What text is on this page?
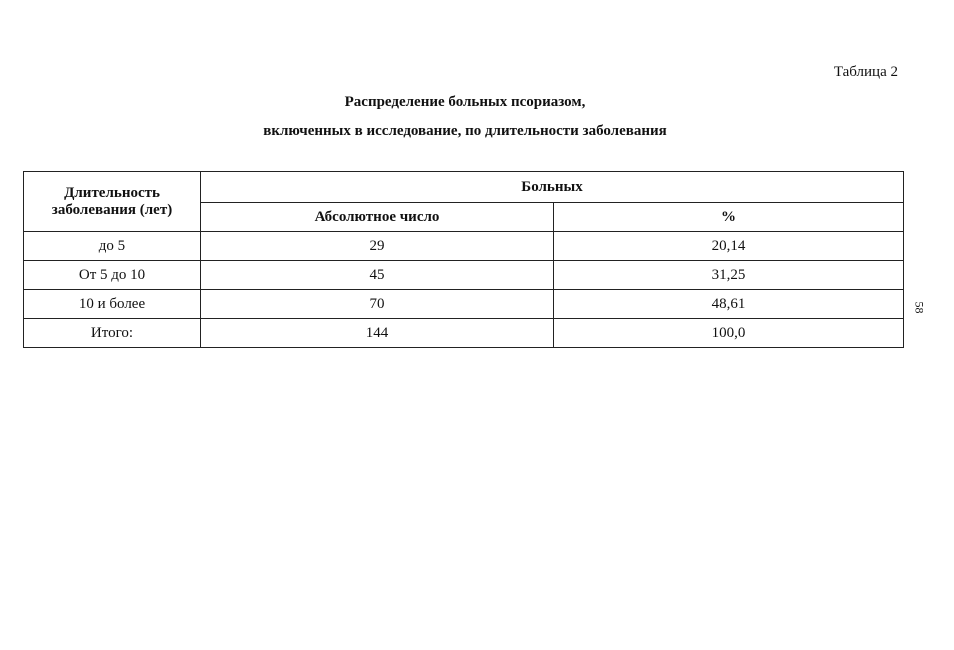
Таблица 2
Распределение больных псориазом,
включенных в исследование, по длительности заболевания
Длительность
заболевания (лет)	Больных	
	Абсолютное число	%
до 5	29	20,14
От 5 до 10	45	31,25
10 и более	70	48,61
Итого:	144	100,0
58
